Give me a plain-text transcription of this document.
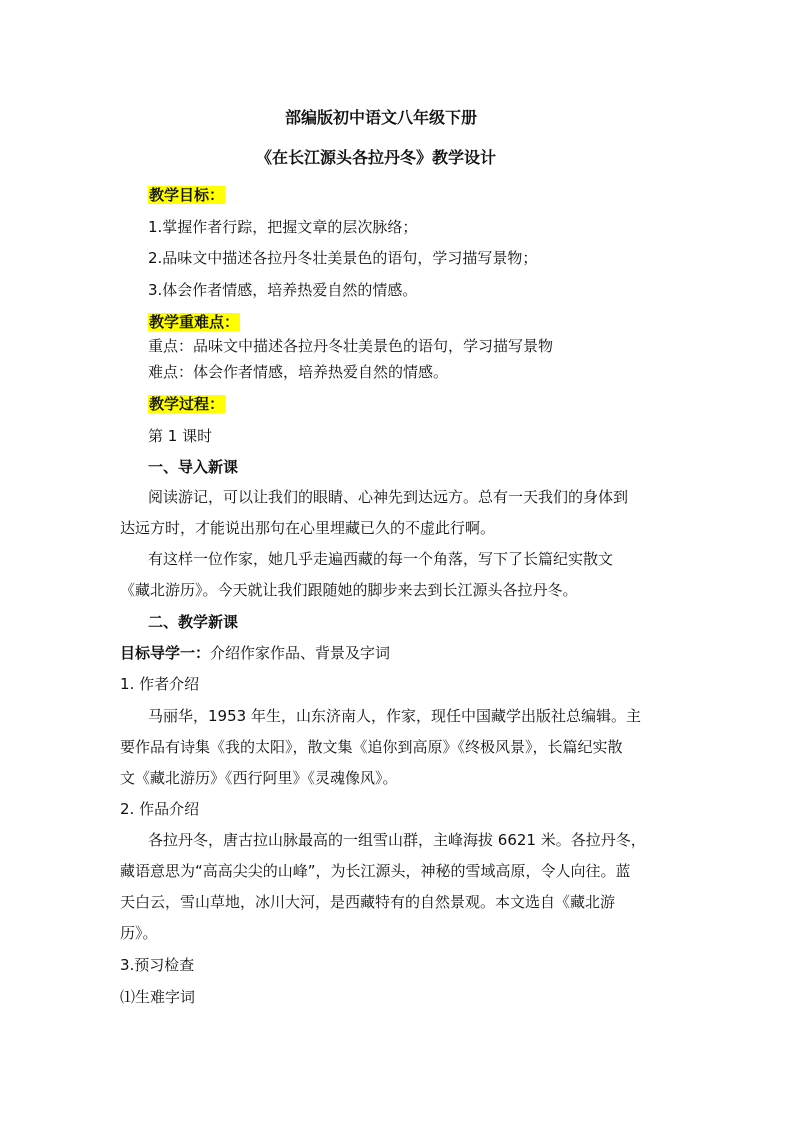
部编版初中语文八年级下册
《在长江源头各拉丹冬》教学设计
教学目标：
1.掌握作者行踪，把握文章的层次脉络；
2.品味文中描述各拉丹冬壮美景色的语句，学习描写景物；
3.体会作者情感，培养热爱自然的情感。
教学重难点：
重点：品味文中描述各拉丹冬壮美景色的语句，学习描写景物
难点：体会作者情感，培养热爱自然的情感。
教学过程：
第 1 课时
一、导入新课
阅读游记，可以让我们的眼睛、心神先到达远方。总有一天我们的身体到
达远方时，才能说出那句在心里埋藏已久的不虚此行啊。
有这样一位作家，她几乎走遍西藏的每一个角落，写下了长篇纪实散文
《藏北游历》。今天就让我们跟随她的脚步来去到长江源头各拉丹冬。
二、教学新课
目标导学一：介绍作家作品、背景及字词
1. 作者介绍
马丽华，1953 年生，山东济南人，作家，现任中国藏学出版社总编辑。主
要作品有诗集《我的太阳》，散文集《追你到高原》《终极风景》，长篇纪实散
文《藏北游历》《西行阿里》《灵魂像风》。
2. 作品介绍
各拉丹冬，唐古拉山脉最高的一组雪山群，主峰海拔 6621 米。各拉丹冬，
藏语意思为“高高尖尖的山峰”，为长江源头，神秘的雪域高原，令人向往。蓝
天白云，雪山草地，冰川大河，是西藏特有的自然景观。本文选自《藏北游
历》。
3.预习检查
⑴生难字词
